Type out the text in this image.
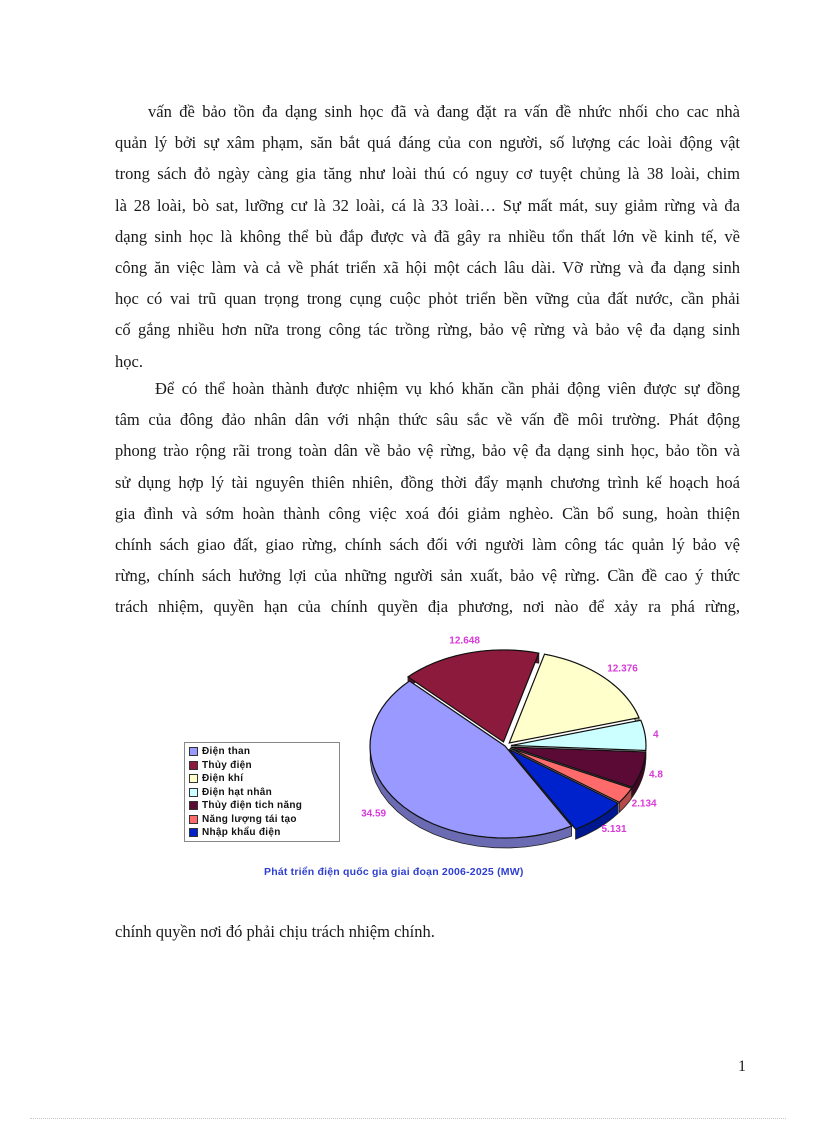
vấn đề bảo tồn đa dạng sinh học đã và đang đặt ra vấn đề nhức nhối cho cac nhà
quản lý bởi sự xâm phạm, săn bắt quá đáng của con người, số lượng các loài động vật
trong sách đỏ ngày càng gia tăng như loài thú có nguy cơ tuyệt chủng là 38 loài, chim
là 28 loài, bò sat, lưỡng cư là 32 loài, cá là 33 loài… Sự mất mát, suy giảm rừng và đa
dạng sinh học là không thể bù đắp được và đã gây ra nhiều tổn thất lớn về kinh tế, về
công ăn việc làm và cả về phát triển xã hội một cách lâu dài. Vỡ rừng và đa dạng sinh
học có vai trũ quan trọng trong cụng cuộc phỏt triển bền vững của đất nước, cần phải
cố gắng nhiều hơn nữa trong công tác trồng rừng, bảo vệ rừng và bảo vệ đa dạng sinh
học.
Để có thể hoàn thành được nhiệm vụ khó khăn cần phải động viên được sự đồng
tâm của đông đảo nhân dân với nhận thức sâu sắc về vấn đề môi trường. Phát động
phong trào rộng rãi trong toàn dân về bảo vệ rừng, bảo vệ đa dạng sinh học, bảo tồn và
sử dụng hợp lý tài nguyên thiên nhiên, đồng thời đẩy mạnh chương trình kế hoạch hoá
gia đình và sớm hoàn thành công việc xoá đói giảm nghèo. Cần bổ sung, hoàn thiện
chính sách giao đất, giao rừng, chính sách đối với người làm công tác quản lý bảo vệ
rừng, chính sách hưởng lợi của những người sản xuất, bảo vệ rừng. Cần đề cao ý thức
trách nhiệm, quyền hạn của chính quyền địa phương, nơi nào để xảy ra phá rừng,
12.648
12.376
4
4.8
2.134
5.131
34.59
Điện than
Thủy điện
Điện khí
Điện hạt nhân
Thủy điện tich năng
Năng lượng tái tạo
Nhập khẩu điện
Phát triển điện quốc gia giai đoạn 2006-2025 (MW)
chính quyền nơi đó phải chịu trách nhiệm chính.
1
